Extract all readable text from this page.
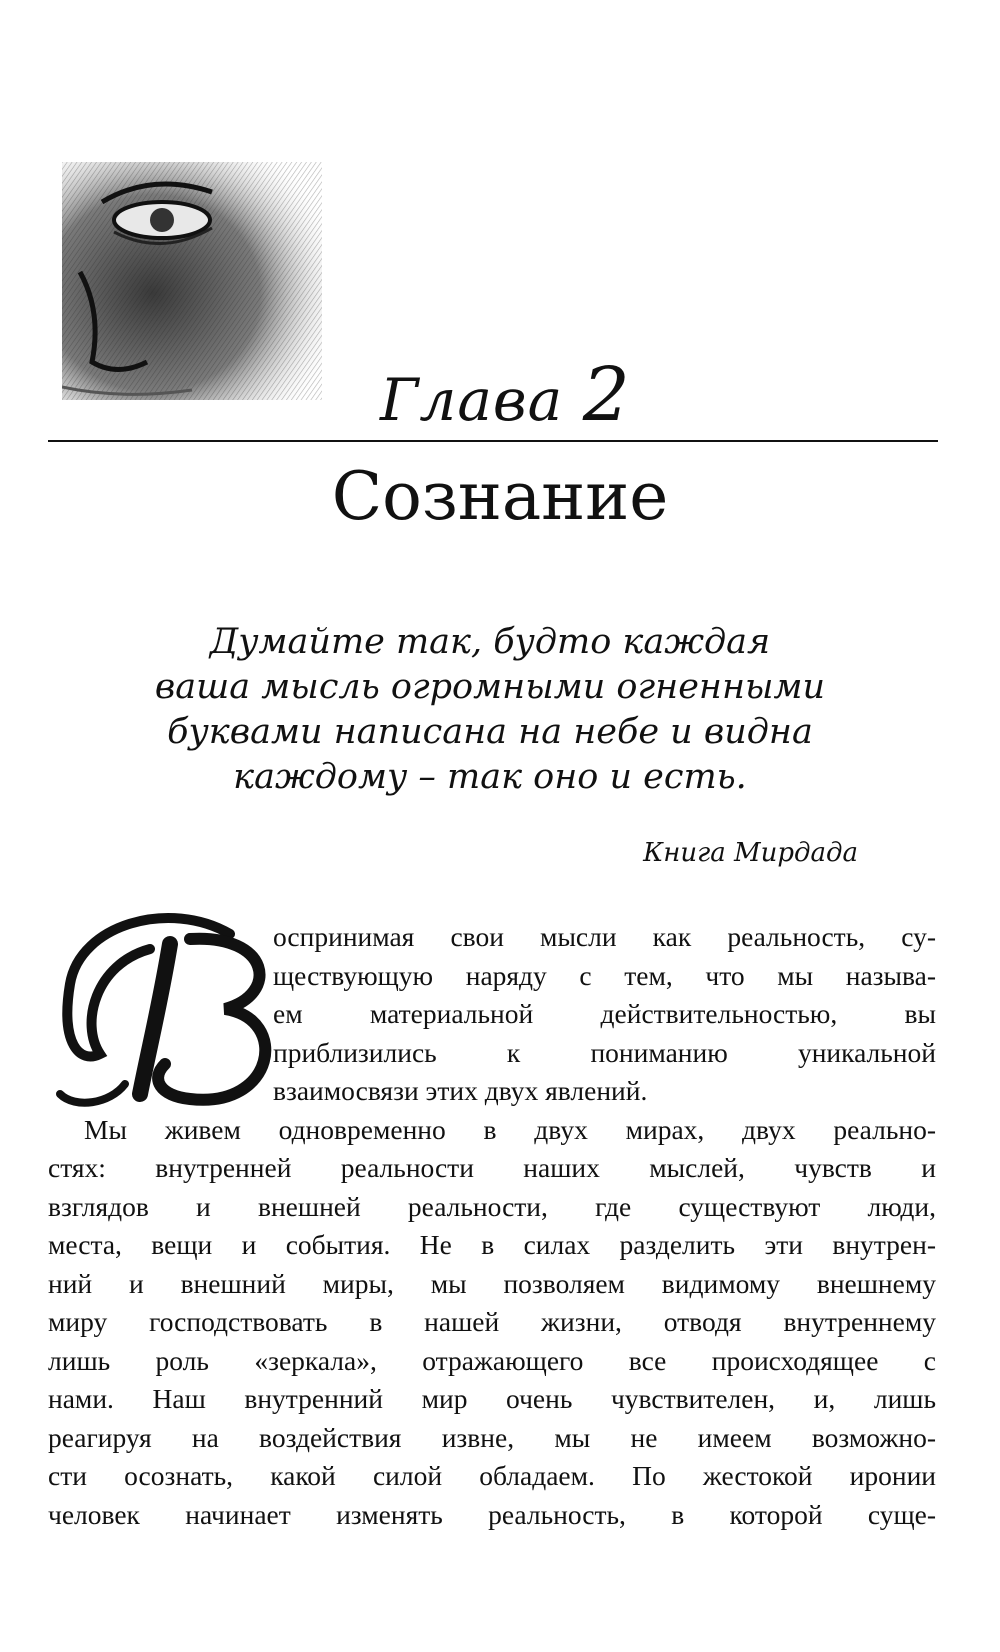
Глава 2
Сознание
Думайте так, будто каждая
ваша мысль огромными огненными
буквами написана на небе и видна
каждому – так оно и есть.
Книга Мирдада
оспринимая свои мысли как реальность, су-
ществующую наряду с тем, что мы называ-
ем материальной действительностью, вы
приблизились к пониманию уникальной
взаимосвязи этих двух явлений.
Мы живем одновременно в двух мирах, двух реально-
стях: внутренней реальности наших мыслей, чувств и
взглядов и внешней реальности, где существуют люди,
места, вещи и события. Не в силах разделить эти внутрен-
ний и внешний миры, мы позволяем видимому внешнему
миру господствовать в нашей жизни, отводя внутреннему
лишь роль «зеркала», отражающего все происходящее с
нами. Наш внутренний мир очень чувствителен, и, лишь
реагируя на воздействия извне, мы не имеем возможно-
сти осознать, какой силой обладаем. По жестокой иронии
человек начинает изменять реальность, в которой суще-
